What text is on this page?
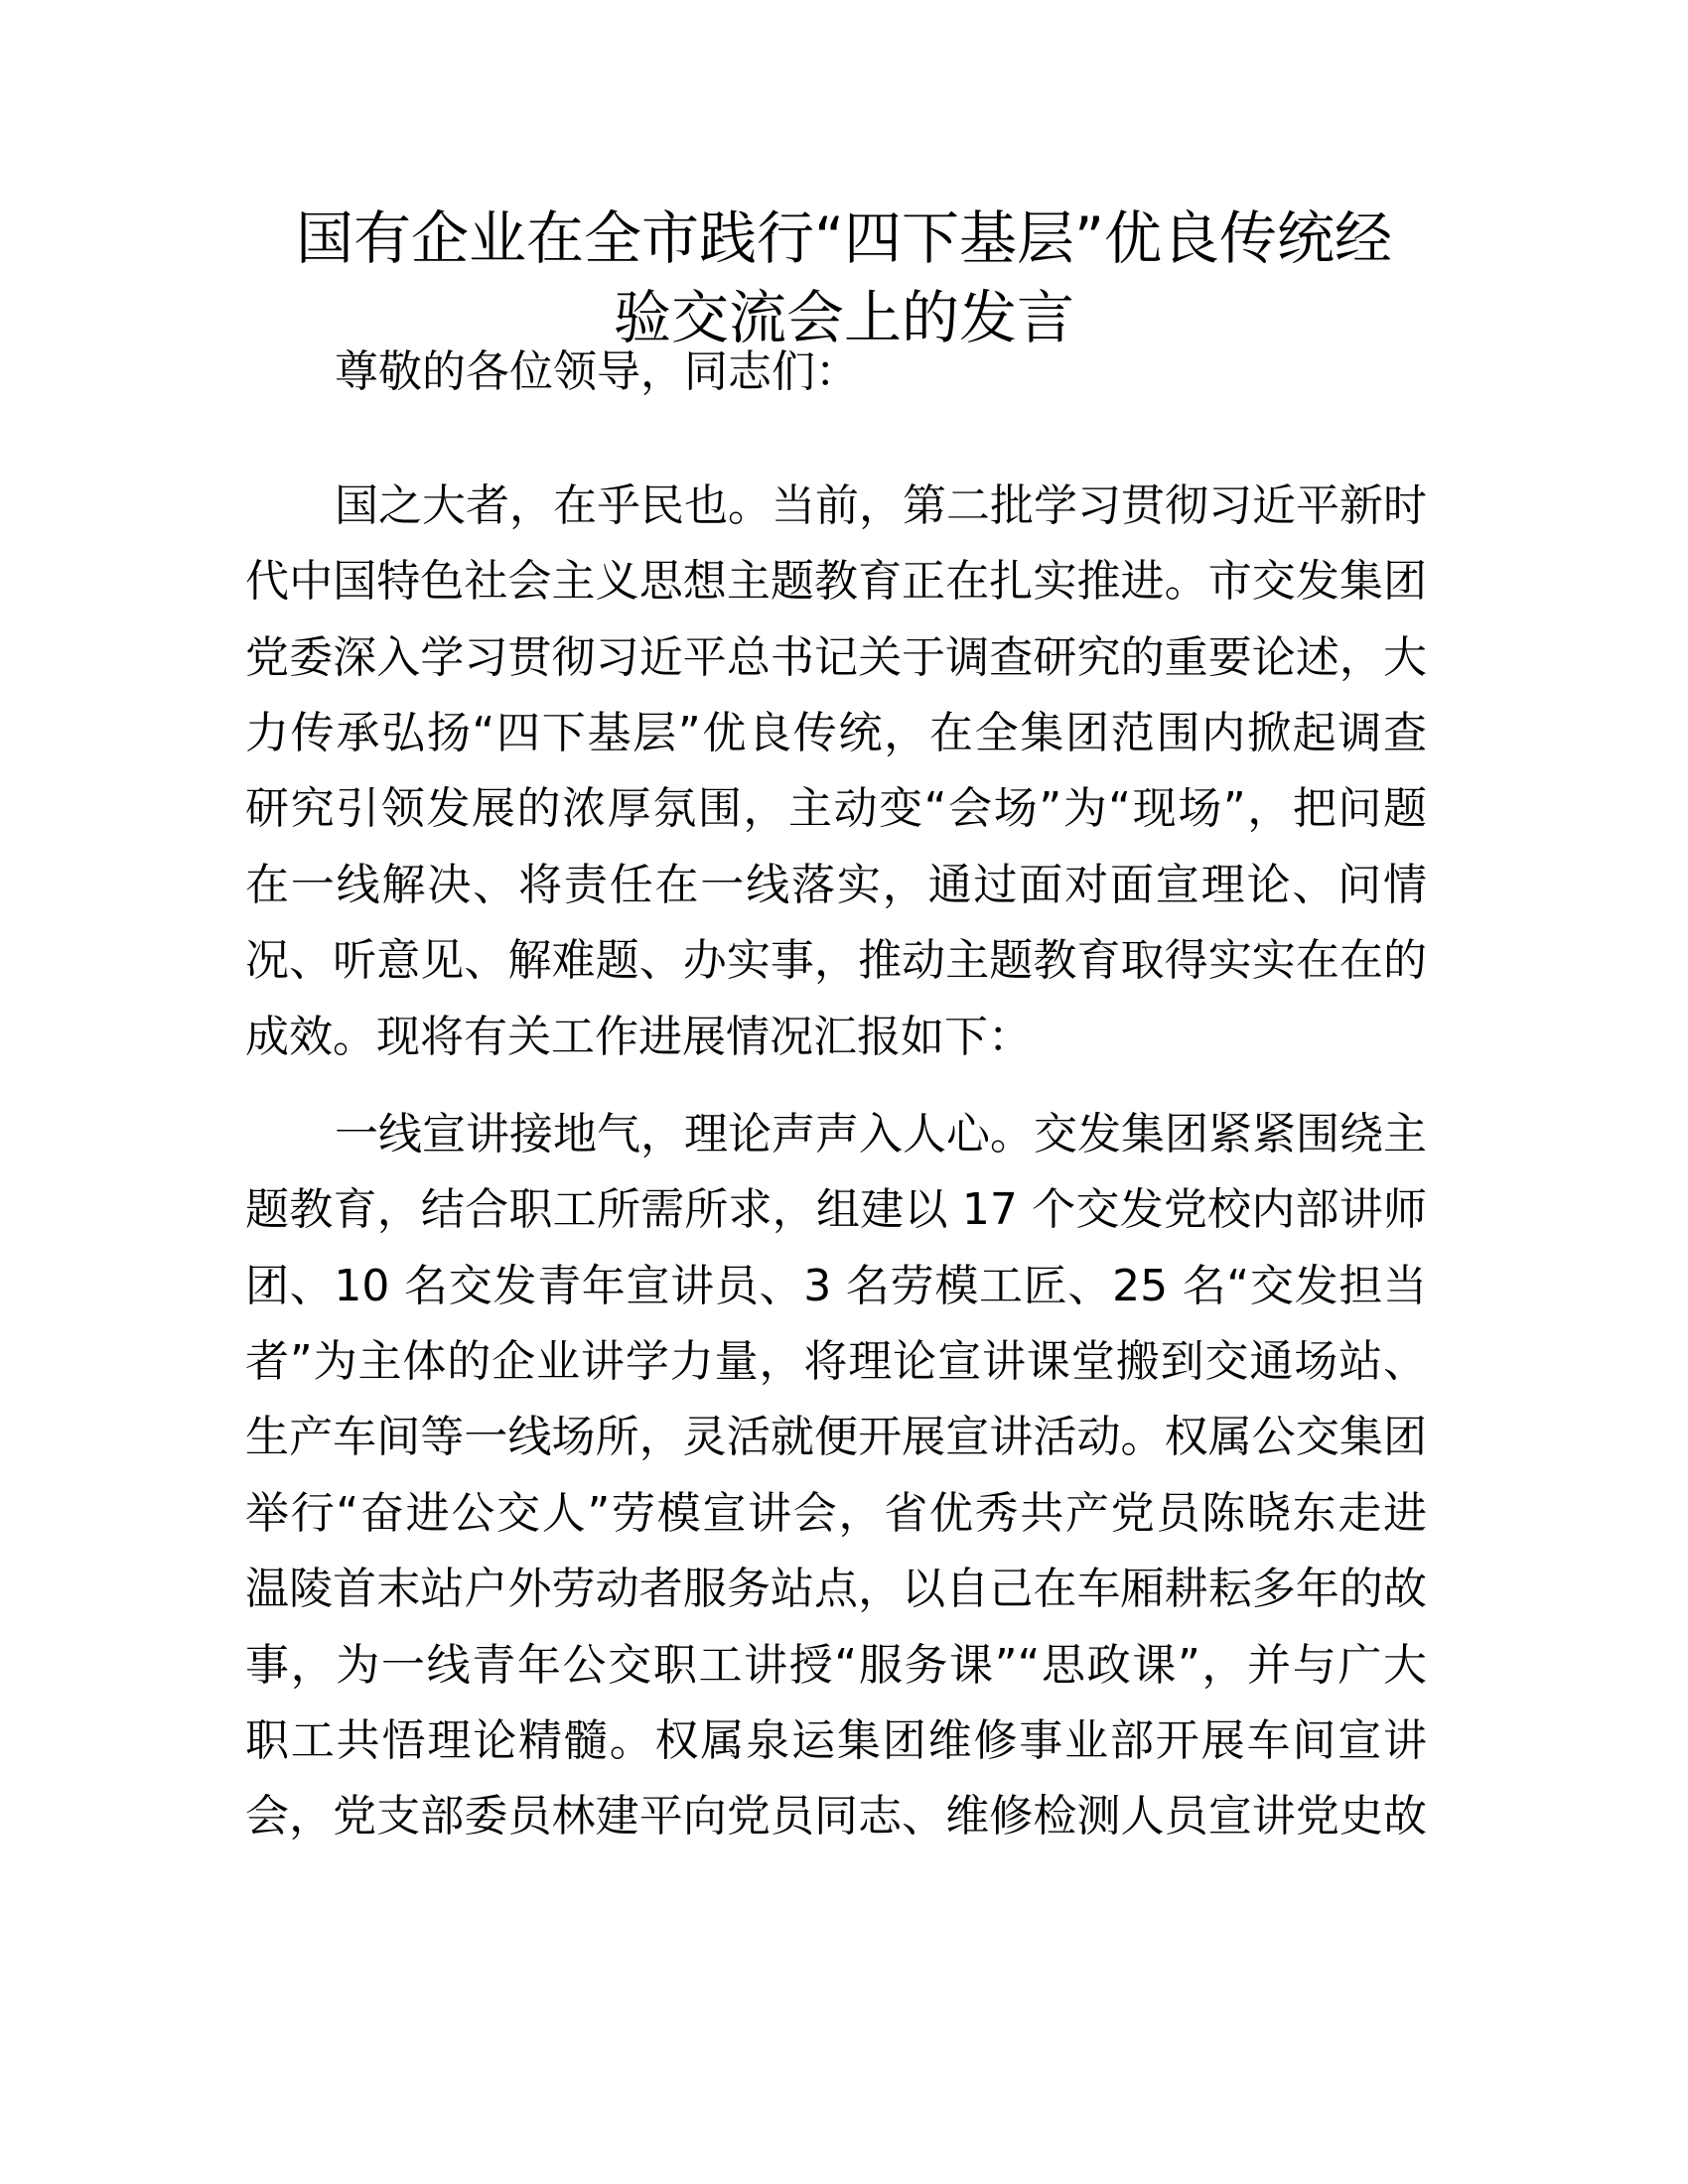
国有企业在全市践行“四下基层”优良传统经
验交流会上的发言
尊敬的各位领导，同志们：
国之大者，在乎民也。当前，第二批学习贯彻习近平新时
代中国特色社会主义思想主题教育正在扎实推进。市交发集团
党委深入学习贯彻习近平总书记关于调查研究的重要论述，大
力传承弘扬“四下基层”优良传统，在全集团范围内掀起调查
研究引领发展的浓厚氛围，主动变“会场”为“现场”，把问题
在一线解决、将责任在一线落实，通过面对面宣理论、问情
况、听意见、解难题、办实事，推动主题教育取得实实在在的
成效。现将有关工作进展情况汇报如下：
一线宣讲接地气，理论声声入人心。交发集团紧紧围绕主
题教育，结合职工所需所求，组建以 17 个交发党校内部讲师
团、10 名交发青年宣讲员、3 名劳模工匠、25 名“交发担当
者”为主体的企业讲学力量，将理论宣讲课堂搬到交通场站、
生产车间等一线场所，灵活就便开展宣讲活动。权属公交集团
举行“奋进公交人”劳模宣讲会，省优秀共产党员陈晓东走进
温陵首末站户外劳动者服务站点，以自己在车厢耕耘多年的故
事，为一线青年公交职工讲授“服务课”“思政课”，并与广大
职工共悟理论精髓。权属泉运集团维修事业部开展车间宣讲
会，党支部委员林建平向党员同志、维修检测人员宣讲党史故
